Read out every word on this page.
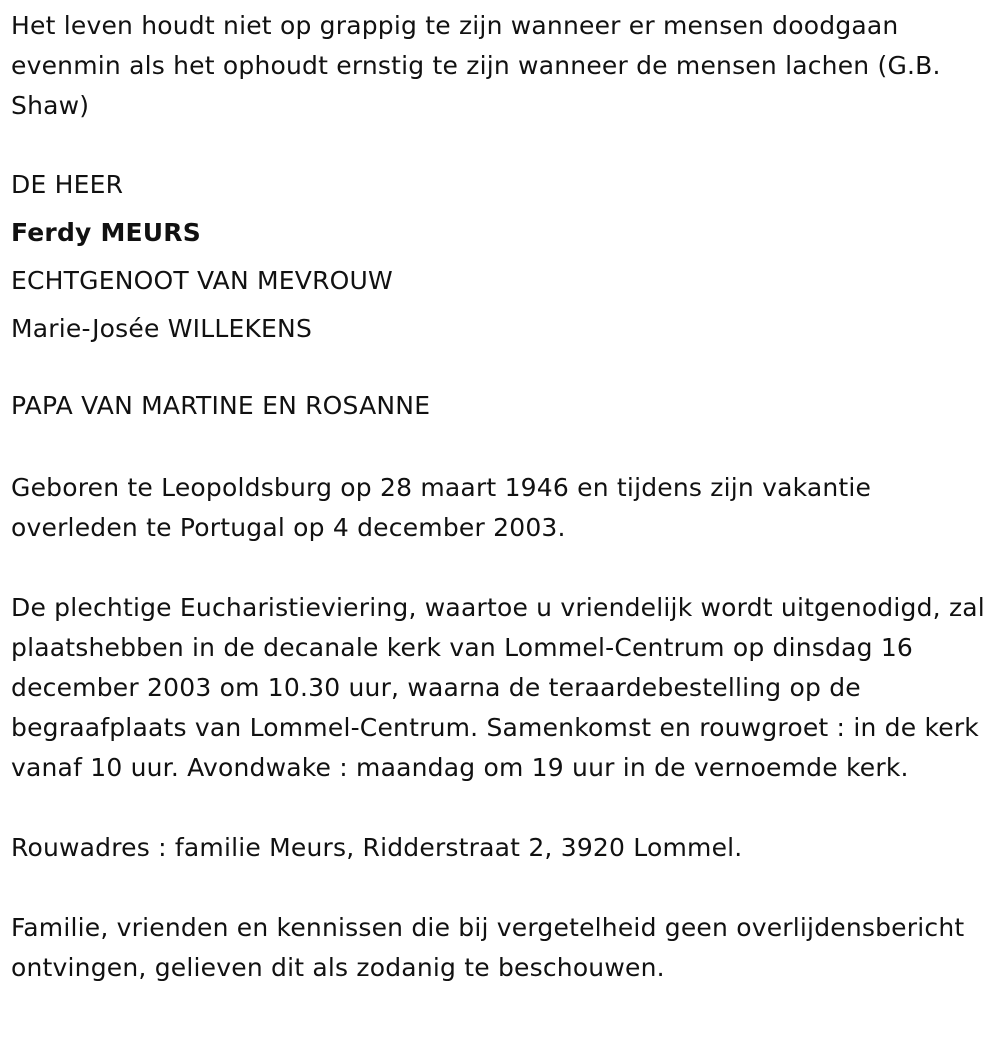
Het leven houdt niet op grappig te zijn wanneer er mensen doodgaan evenmin als het ophoudt ernstig te zijn wanneer de mensen lachen (G.B. Shaw)

DE HEER

Ferdy MEURS

ECHTGENOOT VAN MEVROUW

Marie-Josée WILLEKENS

PAPA VAN MARTINE EN ROSANNE

Geboren te Leopoldsburg op 28 maart 1946 en tijdens zijn vakantie overleden te Portugal op 4 december 2003.

De plechtige Eucharistieviering, waartoe u vriendelijk wordt uitgenodigd, zal plaatshebben in de decanale kerk van Lommel-Centrum op dinsdag 16 december 2003 om 10.30 uur, waarna de teraardebestelling op de begraafplaats van Lommel-Centrum. Samenkomst en rouwgroet : in de kerk vanaf 10 uur. Avondwake : maandag om 19 uur in de vernoemde kerk.

Rouwadres : familie Meurs, Ridderstraat 2, 3920 Lommel.

Familie, vrienden en kennissen die bij vergetelheid geen overlijdensbericht ontvingen, gelieven dit als zodanig te beschouwen.
